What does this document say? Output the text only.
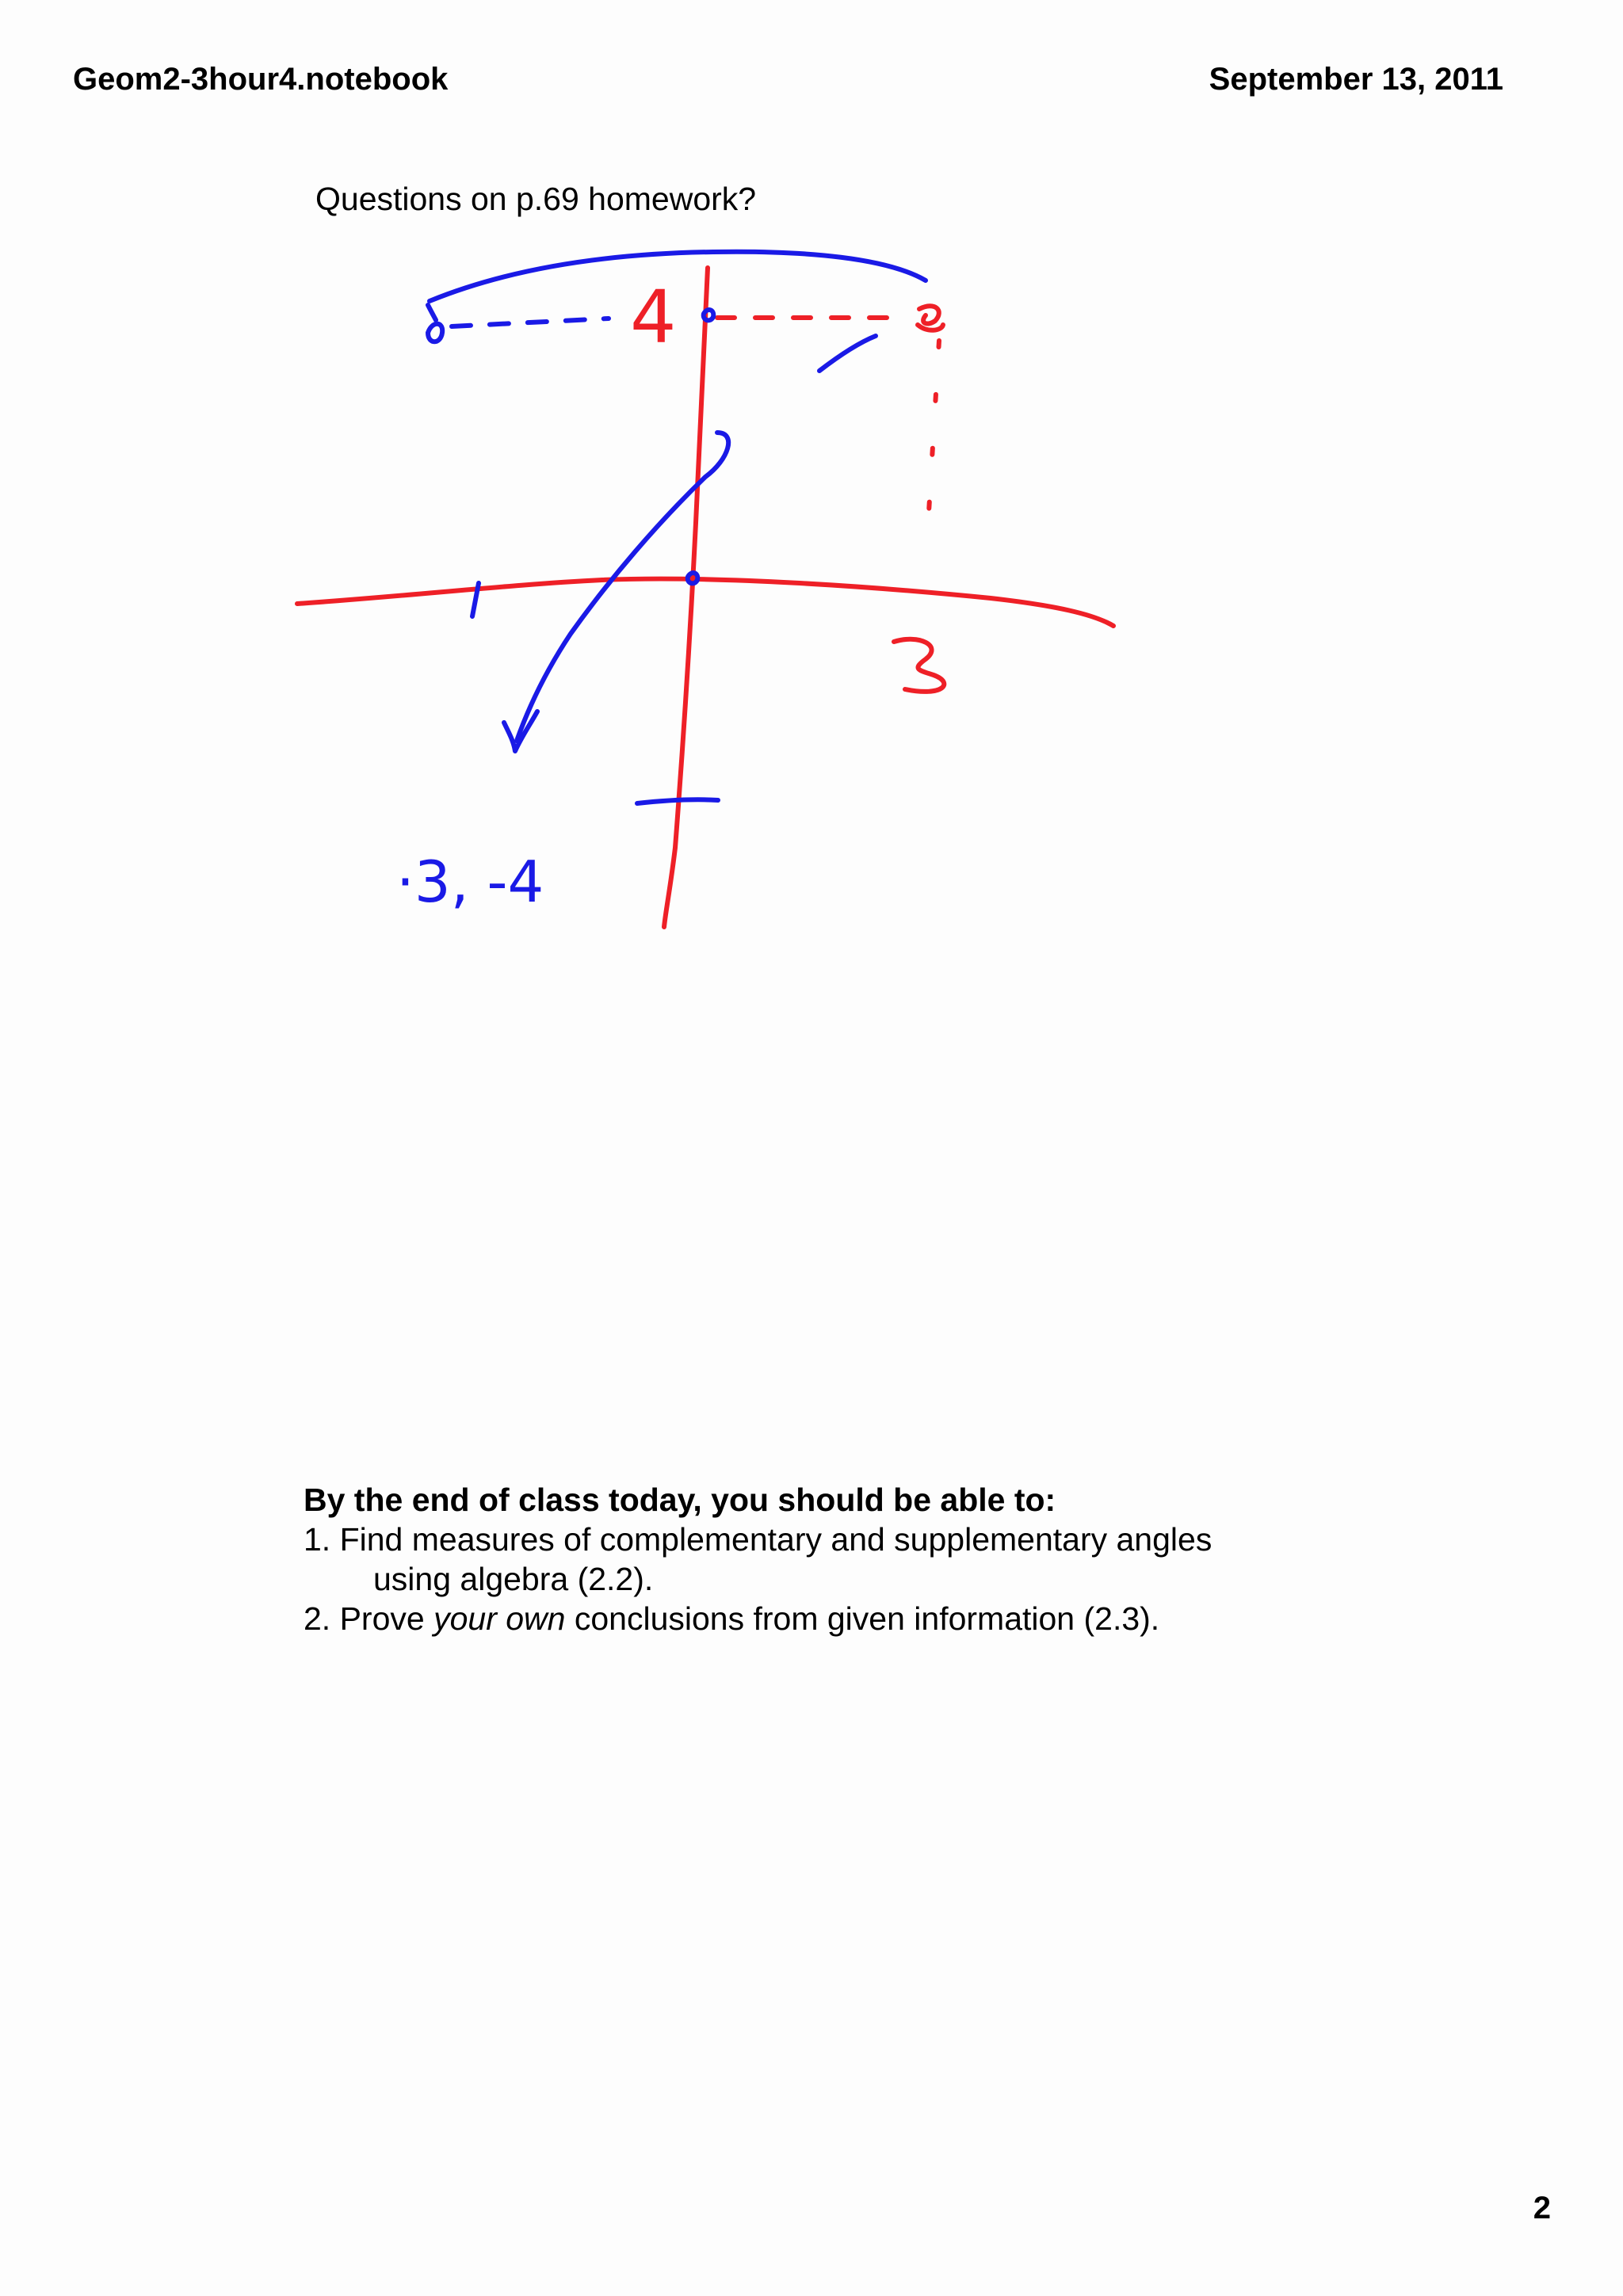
Geom2-3hour4.notebook	September 13, 2011
Questions on p.69 homework?
4
·3, -4
By the end of class today, you should be able to:
1. Find measures of complementary and supplementary angles
using algebra (2.2).
2. Prove your own conclusions from given information (2.3).
2
